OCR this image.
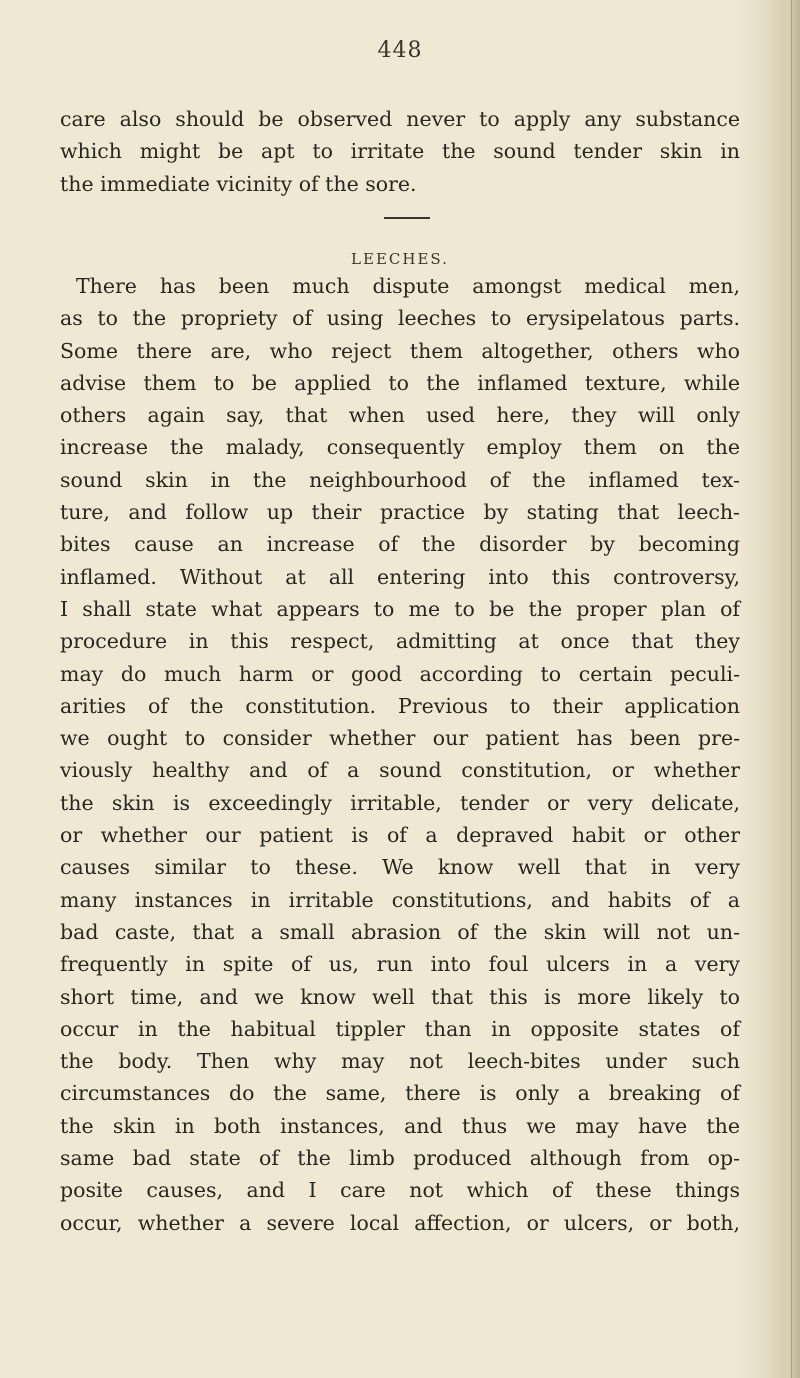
448
care also should be observed never to apply any substance
which might be apt to irritate the sound tender skin in
the immediate vicinity of the sore.
LEECHES.
There has been much dispute amongst medical men,
as to the propriety of using leeches to erysipelatous parts.
Some there are, who reject them altogether, others who
advise them to be applied to the inflamed texture, while
others again say, that when used here, they will only
increase the malady, consequently employ them on the
sound skin in the neighbourhood of the inflamed tex-
ture, and follow up their practice by stating that leech-
bites cause an increase of the disorder by becoming
inflamed. Without at all entering into this controversy,
I shall state what appears to me to be the proper plan of
procedure in this respect, admitting at once that they
may do much harm or good according to certain peculi-
arities of the constitution. Previous to their application
we ought to consider whether our patient has been pre-
viously healthy and of a sound constitution, or whether
the skin is exceedingly irritable, tender or very delicate,
or whether our patient is of a depraved habit or other
causes similar to these. We know well that in very
many instances in irritable constitutions, and habits of a
bad caste, that a small abrasion of the skin will not un-
frequently in spite of us, run into foul ulcers in a very
short time, and we know well that this is more likely to
occur in the habitual tippler than in opposite states of
the body. Then why may not leech-bites under such
circumstances do the same, there is only a breaking of
the skin in both instances, and thus we may have the
same bad state of the limb produced although from op-
posite causes, and I care not which of these things
occur, whether a severe local affection, or ulcers, or both,
